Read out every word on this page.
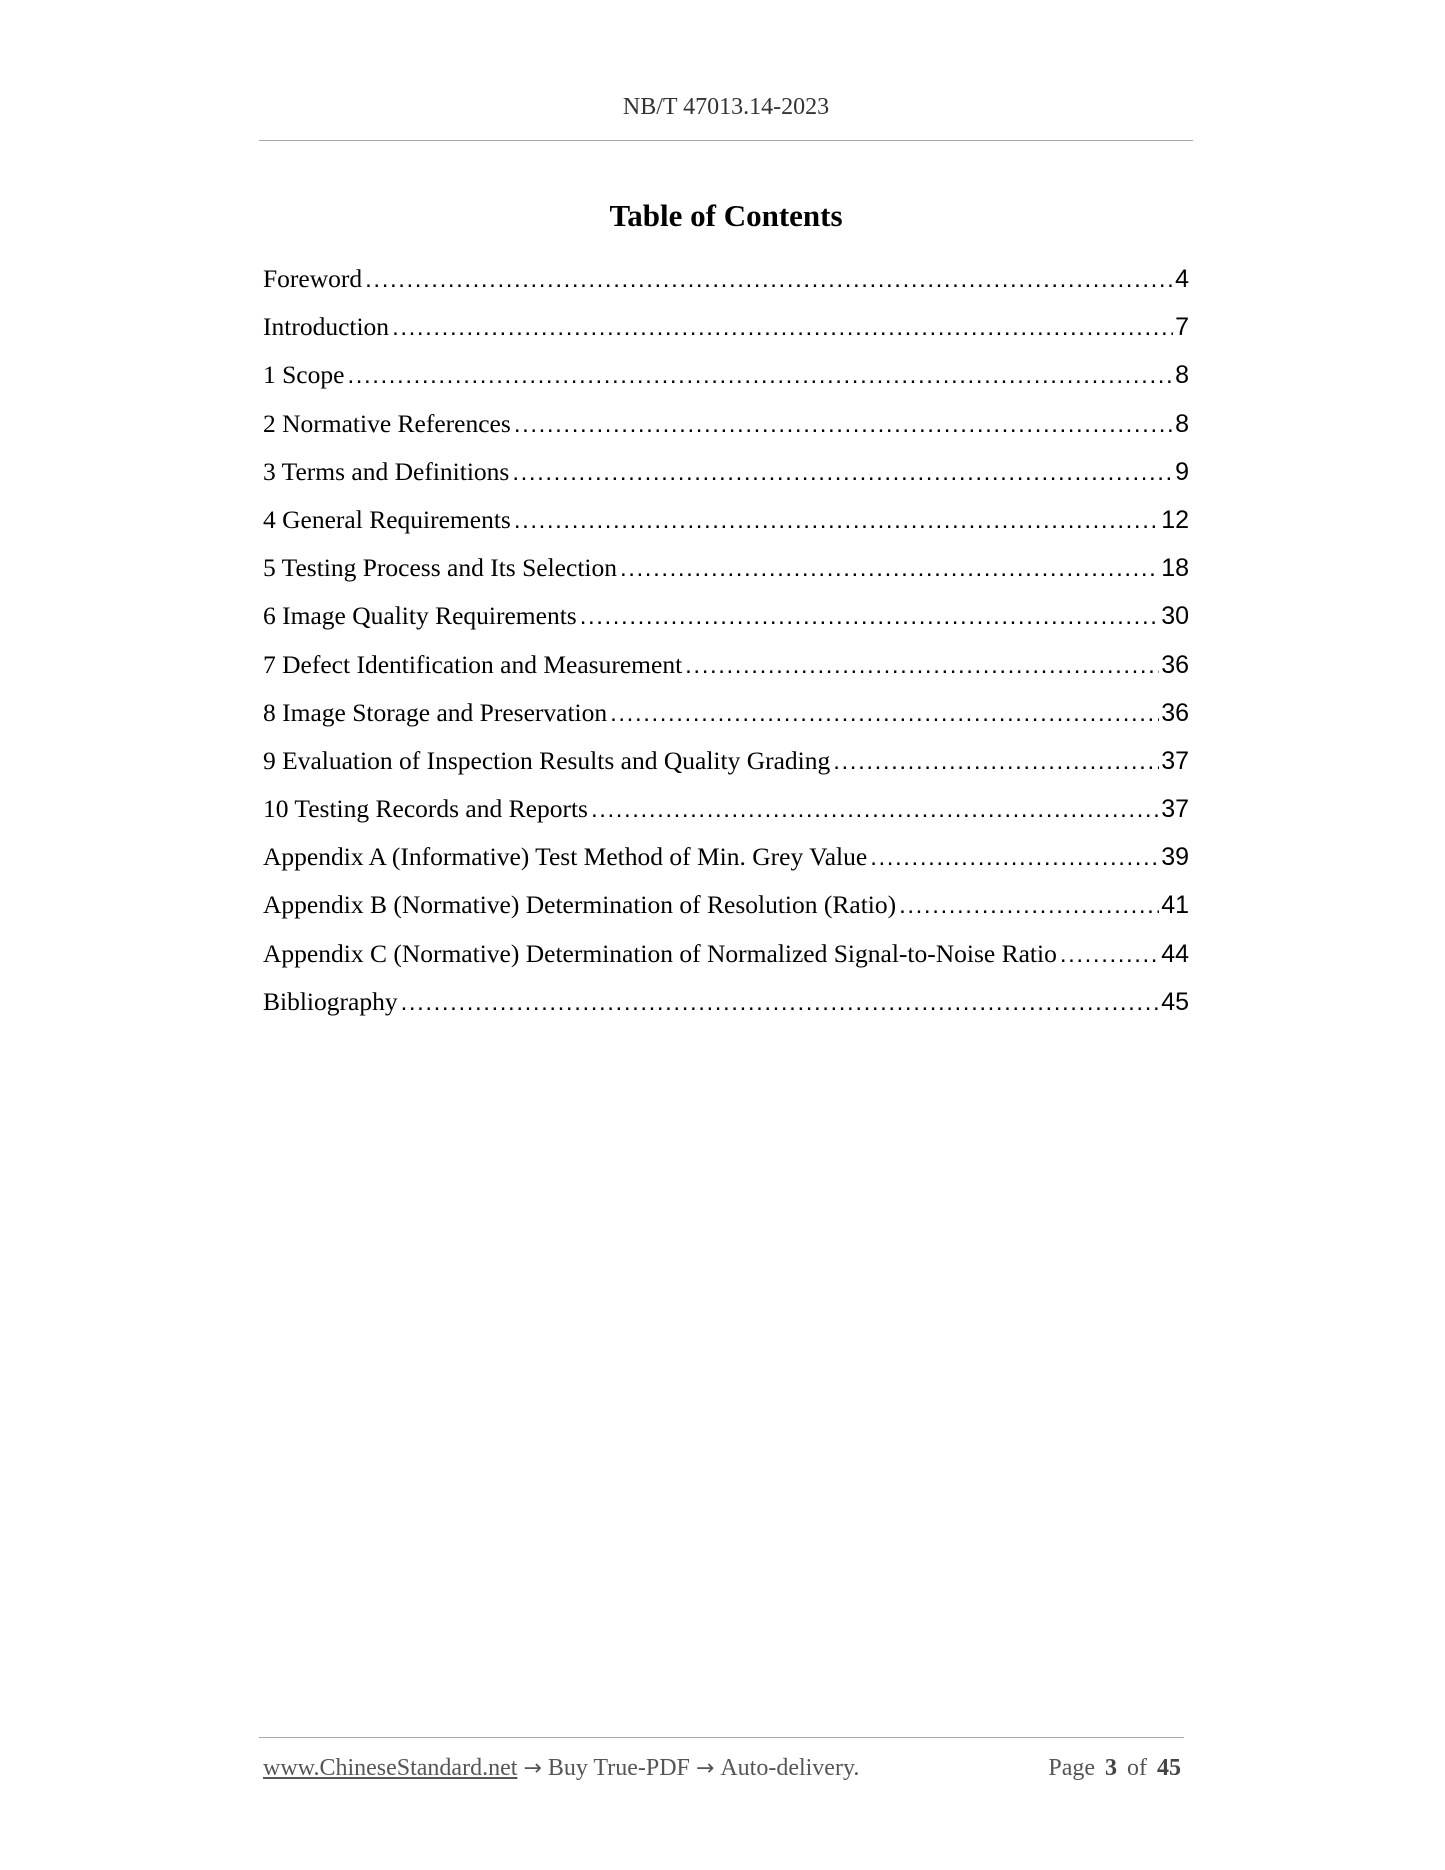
NB/T 47013.14-2023
Table of Contents
Foreword .....	4
Introduction .....	7
1 Scope .....	8
2 Normative References .....	8
3 Terms and Definitions .....	9
4 General Requirements .....	12
5 Testing Process and Its Selection .....	18
6 Image Quality Requirements .....	30
7 Defect Identification and Measurement .....	36
8 Image Storage and Preservation .....	36
9 Evaluation of Inspection Results and Quality Grading .....	37
10 Testing Records and Reports .....	37
Appendix A (Informative) Test Method of Min. Grey Value .....	39
Appendix B (Normative) Determination of Resolution (Ratio) .....	41
Appendix C (Normative) Determination of Normalized Signal-to-Noise Ratio .....	44
Bibliography .....	45
www.ChineseStandard.net → Buy True-PDF → Auto-delivery.	Page 3 of 45
